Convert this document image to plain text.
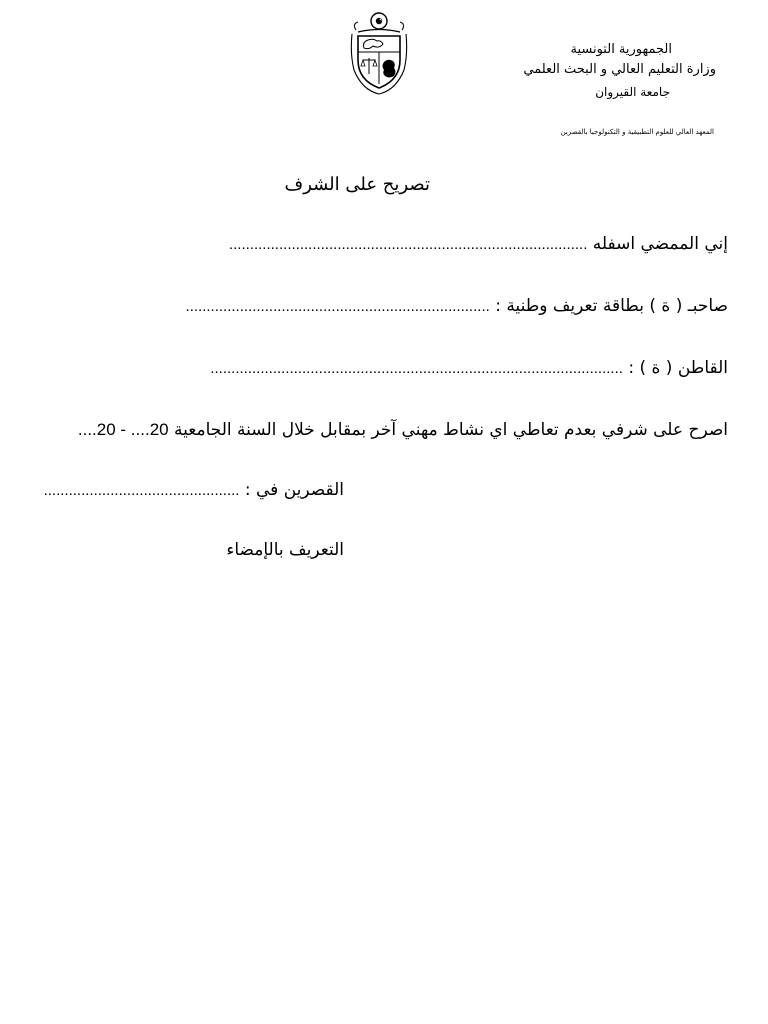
الجمهورية التونسية
وزارة التعليم العالي و البحث العلمي
جامعة القيروان
المعهد العالي للعلوم التطبيقية و التكنولوجيا بالقصرين
تصريح على الشرف
إني الممضي اسفله ......................................................................................
صاحبـ ( ة ) بطاقة تعريف وطنية : .........................................................................
القاطن ( ة ) : ...................................................................................................
اصرح على شرفي بعدم تعاطي اي نشاط مهني آخر بمقابل خلال السنة الجامعية 20.... - 20....
القصرين في : ...............................................
التعريف بالإمضاء
